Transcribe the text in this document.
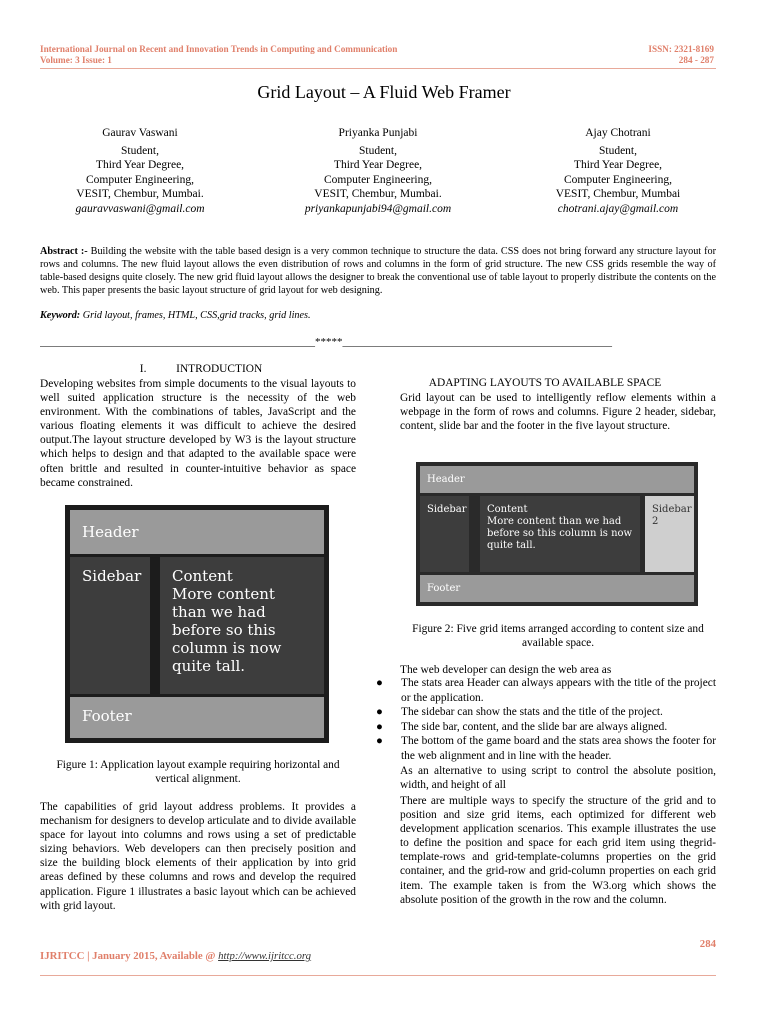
International Journal on Recent and Innovation Trends in Computing and Communication
Volume: 3 Issue: 1
ISSN: 2321-8169
284 - 287
Grid Layout – A Fluid Web Framer
Gaurav Vaswani
Student,
Third Year Degree,
Computer Engineering,
VESIT, Chembur, Mumbai.
gauravvaswani@gmail.com
Priyanka Punjabi
Student,
Third Year Degree,
Computer Engineering,
VESIT, Chembur, Mumbai.
priyankapunjabi94@gmail.com
Ajay Chotrani
Student,
Third Year Degree,
Computer Engineering,
VESIT, Chembur, Mumbai
chotrani.ajay@gmail.com
Abstract :- Building the website with the table based design is a very common technique to structure the data. CSS does not bring forward any structure layout for rows and columns. The new fluid layout allows the even distribution of rows and columns in the form of grid structure. The new CSS grids resemble the way of table-based designs quite closely. The new grid fluid layout allows the designer to break the conventional use of table layout to properly distribute the contents on the web. This paper presents the basic layout structure of grid layout for web designing.
Keyword: Grid layout, frames, HTML, CSS,grid tracks, grid lines.
__________________________________________________*****_________________________________________________
I.	INTRODUCTION
Developing websites from simple documents to the visual layouts to well suited application structure is the necessity of the web environment. With the combinations of tables, JavaScript and the various floating elements it was difficult to achieve the desired output.The layout structure developed by W3 is the layout structure which helps to design and that adapted to the available space were often brittle and resulted in counter-intuitive behavior as space became constrained.
Header
Sidebar	Content
More content than we had before so this column is now quite tall.
Footer
Figure 1: Application layout example requiring horizontal and vertical alignment.
The capabilities of grid layout address problems. It provides a mechanism for designers to develop articulate and to divide available space for layout into columns and rows using a set of predictable sizing behaviors. Web developers can then precisely position and size the building block elements of their application by into grid areas defined by these columns and rows and develop the required application. Figure 1 illustrates a basic layout which can be achieved with grid layout.
ADAPTING LAYOUTS TO AVAILABLE SPACE
Grid layout can be used to intelligently reflow elements within a webpage in the form of rows and columns. Figure 2 header, sidebar, content, slide bar and the footer in the five layout structure.
Header
Sidebar	Content
More content than we had before so this column is now quite tall.
Sidebar 2
Footer
Figure 2: Five grid items arranged according to content size and available space.
The web developer can design the web area as
● The stats area Header can always appears with the title of the project or the application.
● The sidebar can show the stats and the title of the project.
● The side bar, content, and the slide bar are always aligned.
● The bottom of the game board and the stats area shows the footer for the web alignment and in line with the header.
As an alternative to using script to control the absolute position, width, and height of all
There are multiple ways to specify the structure of the grid and to position and size grid items, each optimized for different web development application scenarios. This example illustrates the use to define the position and space for each grid item using thegrid-template-rows and grid-template-columns properties on the grid container, and the grid-row and grid-column properties on each grid item. The example taken is from the W3.org which shows the absolute position of the growth in the row and the column.
284
IJRITCC | January 2015, Available @ http://www.ijritcc.org
